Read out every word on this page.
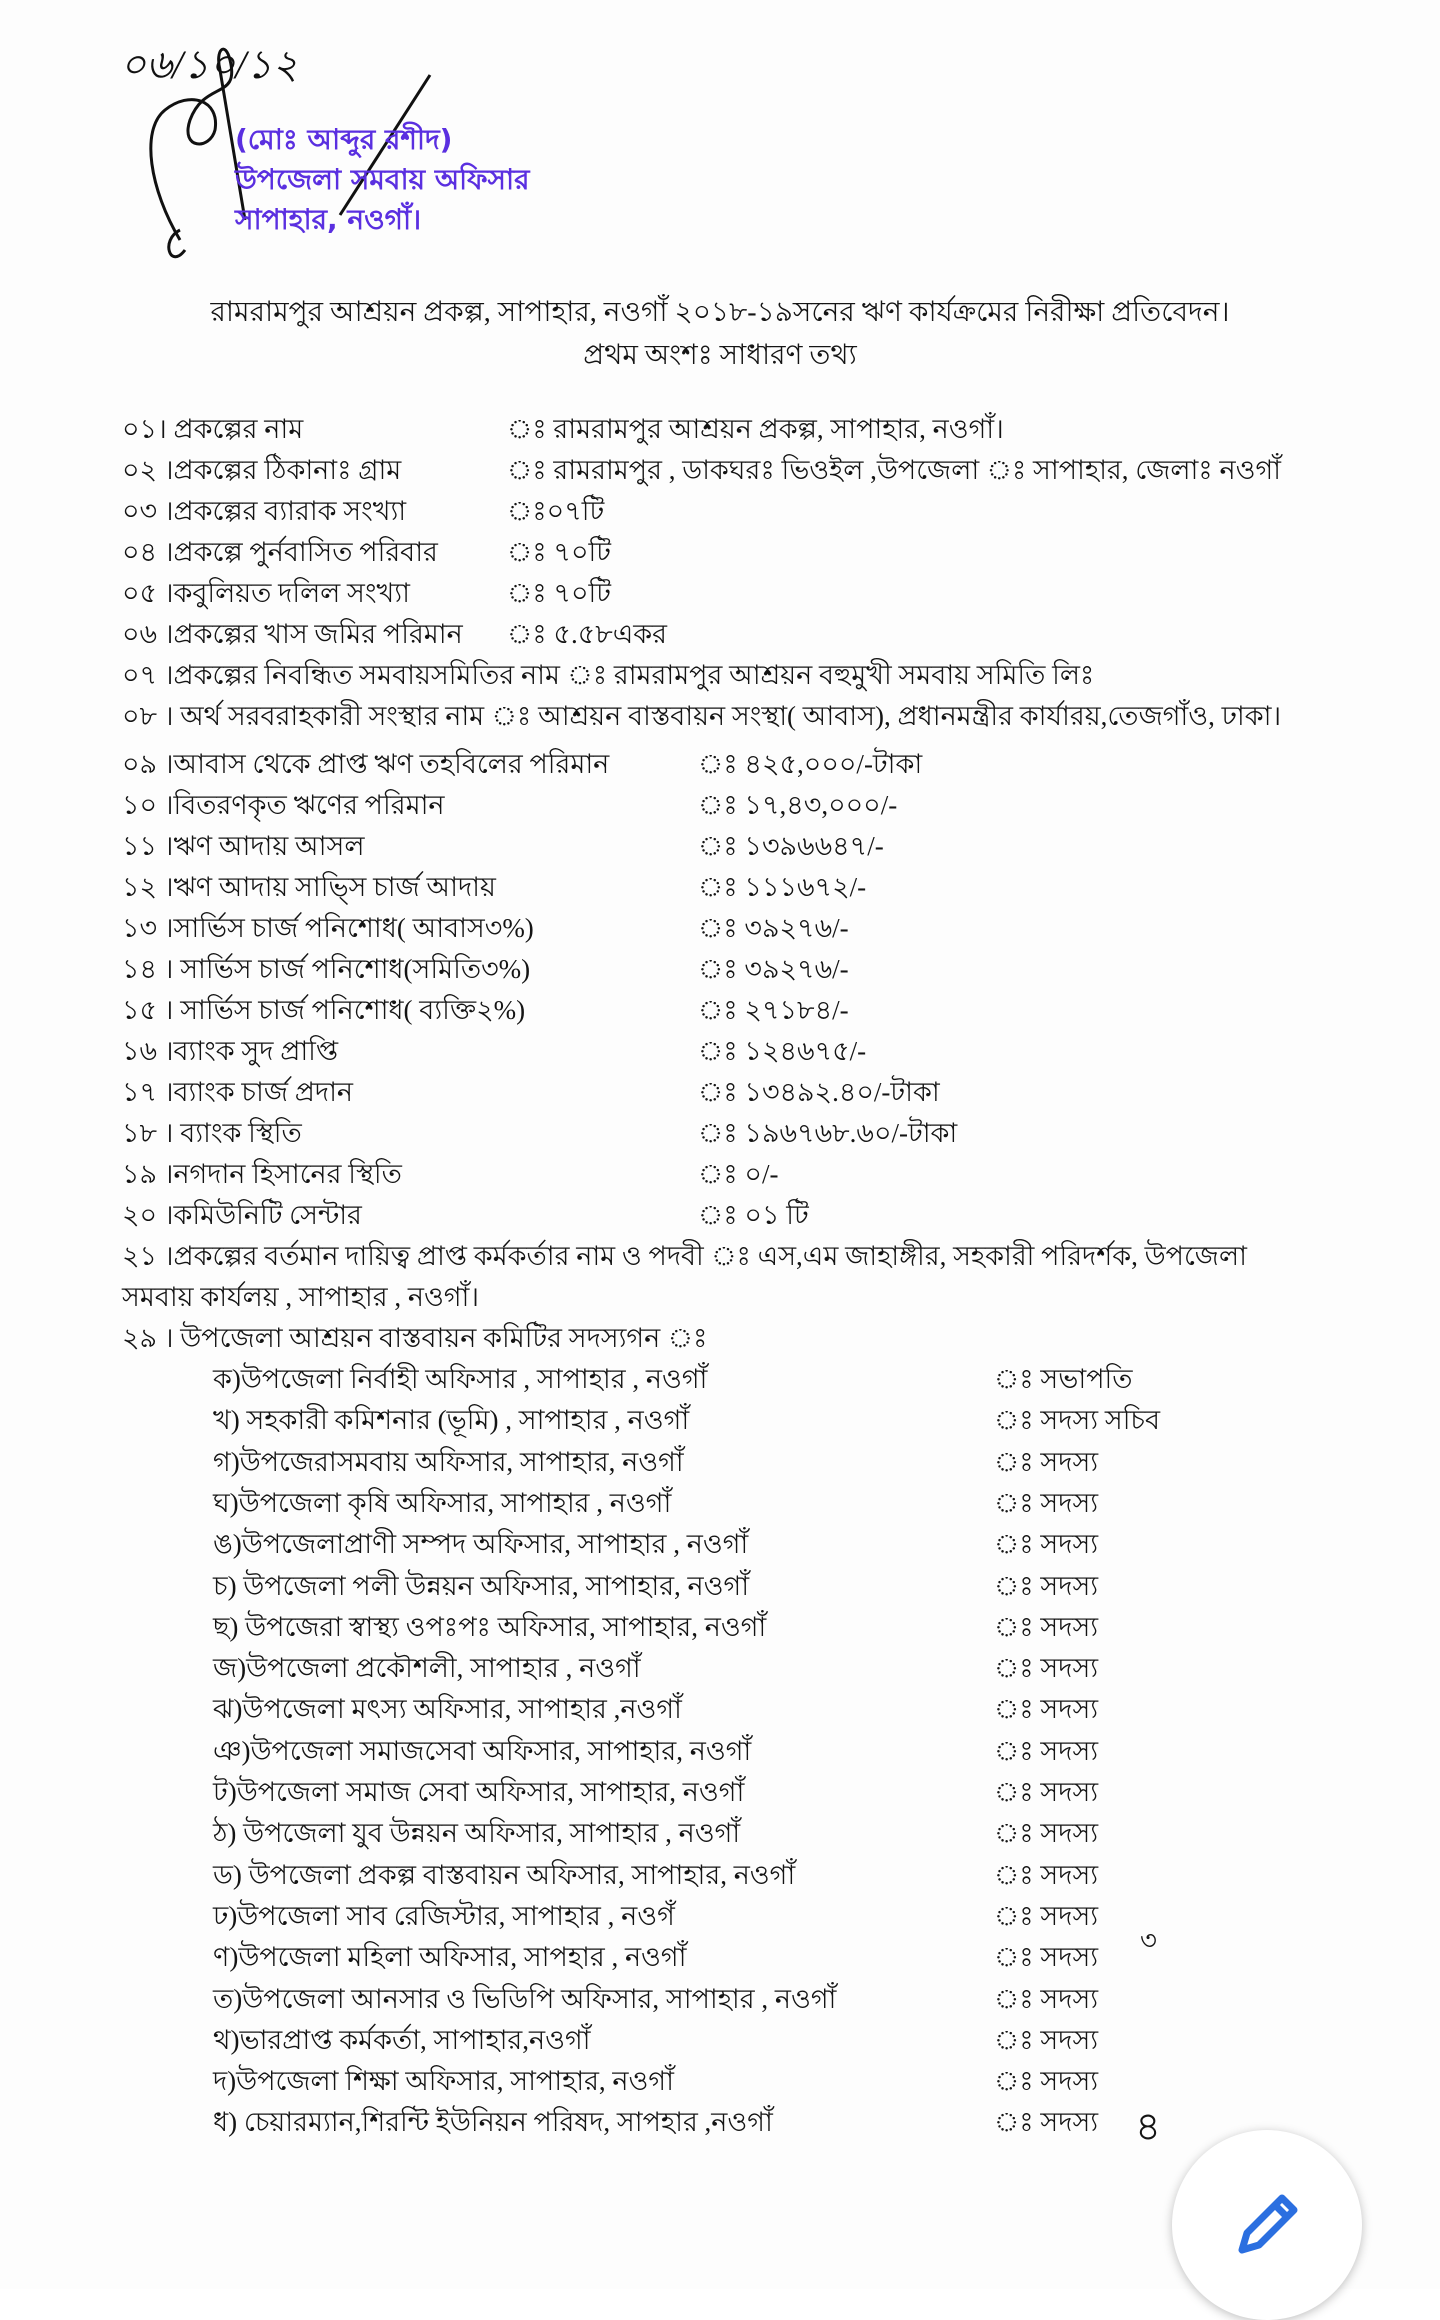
০৬/১০/১২
(মোঃ আব্দুর রশীদ)
উপজেলা সমবায় অফিসার
সাপাহার, নওগাঁ।
রামরামপুর আশ্রয়ন প্রকল্প, সাপাহার, নওগাঁ ২০১৮-১৯সনের ঋণ কার্যক্রমের নিরীক্ষা প্রতিবেদন।
প্রথম অংশঃ সাধারণ তথ্য
০১। প্রকল্পের নাম	ঃ রামরামপুর আশ্রয়ন প্রকল্প, সাপাহার, নওগাঁ।
০২ ।প্রকল্পের ঠিকানাঃ গ্রাম	ঃ রামরামপুর , ডাকঘরঃ ভিওইল ,উপজেলা ঃ সাপাহার, জেলাঃ নওগাঁ
০৩ ।প্রকল্পের ব্যারাক সংখ্যা	ঃ০৭টি
০৪ ।প্রকল্পে পুর্নবাসিত পরিবার	ঃ ৭০টি
০৫ ।কবুলিয়ত দলিল সংখ্যা	ঃ ৭০টি
০৬ ।প্রকল্পের খাস জমির পরিমান ঃ ৫.৫৮একর
০৭ ।প্রকল্পের নিবন্ধিত সমবায়সমিতির নাম ঃ রামরামপুর আশ্রয়ন বহুমুখী সমবায় সমিতি লিঃ
০৮ । অর্থ সরবরাহকারী সংস্থার নাম ঃ আশ্রয়ন বাস্তবায়ন সংস্থা( আবাস), প্রধানমন্ত্রীর কার্যারয়,তেজগাঁও, ঢাকা।
০৯ ।আবাস থেকে প্রাপ্ত ঋণ তহবিলের পরিমান	ঃ ৪২৫,০০০/-টাকা
১০ ।বিতরণকৃত ঋণের পরিমান	ঃ ১৭,৪৩,০০০/-
১১ ।ঋণ আদায় আসল	ঃ ১৩৯৬৬৪৭/-
১২ ।ঋণ আদায় সাভ্সি চার্জ আদায়	ঃ ১১১৬৭২/-
১৩ ।সার্ভিস চার্জ পনিশোধ( আবাস৩%)	ঃ ৩৯২৭৬/-
১৪ । সার্ভিস চার্জ পনিশোধ(সমিতি৩%)	ঃ ৩৯২৭৬/-
১৫ । সার্ভিস চার্জ পনিশোধ( ব্যক্তি২%)	ঃ ২৭১৮৪/-
১৬ ।ব্যাংক সুদ প্রাপ্তি	ঃ ১২৪৬৭৫/-
১৭ ।ব্যাংক চার্জ প্রদান	ঃ ১৩৪৯২.৪০/-টাকা
১৮ । ব্যাংক স্থিতি	ঃ ১৯৬৭৬৮.৬০/-টাকা
১৯ ।নগদান হিসানের স্থিতি	ঃ ০/-
২০ ।কমিউনিটি সেন্টার	ঃ ০১ টি
২১ ।প্রকল্পের বর্তমান দায়িত্ব প্রাপ্ত কর্মকর্তার নাম ও পদবী ঃ এস,এম জাহাঙ্গীর, সহকারী পরিদর্শক, উপজেলা
সমবায় কার্যলয় , সাপাহার , নওগাঁ।
২৯ । উপজেলা আশ্রয়ন বাস্তবায়ন কমিটির সদস্যগন ঃ
ক)উপজেলা নির্বাহী অফিসার , সাপাহার , নওগাঁ	ঃ সভাপতি
খ) সহকারী কমিশনার (ভূমি) , সাপাহার , নওগাঁ	ঃ সদস্য সচিব
গ)উপজেরাসমবায় অফিসার, সাপাহার, নওগাঁ	ঃ সদস্য
ঘ)উপজেলা কৃষি অফিসার, সাপাহার , নওগাঁ	ঃ সদস্য
ঙ)উপজেলাপ্রাণী সম্পদ অফিসার, সাপাহার , নওগাঁ	ঃ সদস্য
চ) উপজেলা পলী উন্নয়ন অফিসার, সাপাহার, নওগাঁ	ঃ সদস্য
ছ) উপজেরা স্বাস্থ্য ওপঃপঃ অফিসার, সাপাহার, নওগাঁ	ঃ সদস্য
জ)উপজেলা প্রকৌশলী, সাপাহার , নওগাঁ	ঃ সদস্য
ঝ)উপজেলা মৎস্য অফিসার, সাপাহার ,নওগাঁ	ঃ সদস্য
ঞ)উপজেলা সমাজসেবা অফিসার, সাপাহার, নওগাঁ	ঃ সদস্য
ট)উপজেলা সমাজ সেবা অফিসার, সাপাহার, নওগাঁ	ঃ সদস্য
ঠ) উপজেলা যুব উন্নয়ন অফিসার, সাপাহার , নওগাঁ	ঃ সদস্য
ড) উপজেলা প্রকল্প বাস্তবায়ন অফিসার, সাপাহার, নওগাঁ	ঃ সদস্য
ঢ)উপজেলা সাব রেজিস্টার, সাপাহার , নওগঁ	ঃ সদস্য
ণ)উপজেলা মহিলা অফিসার, সাপহার , নওগাঁ	ঃ সদস্য
ত)উপজেলা আনসার ও ভিডিপি অফিসার, সাপাহার , নওগাঁ	ঃ সদস্য
থ)ভারপ্রাপ্ত কর্মকর্তা, সাপাহার,নওগাঁ	ঃ সদস্য
দ)উপজেলা শিক্ষা অফিসার, সাপাহার, নওগাঁ	ঃ সদস্য
ধ) চেয়ারম্যান,শিরন্টি ইউনিয়ন পরিষদ, সাপহার ,নওগাঁ	ঃ সদস্য
৩
৪
